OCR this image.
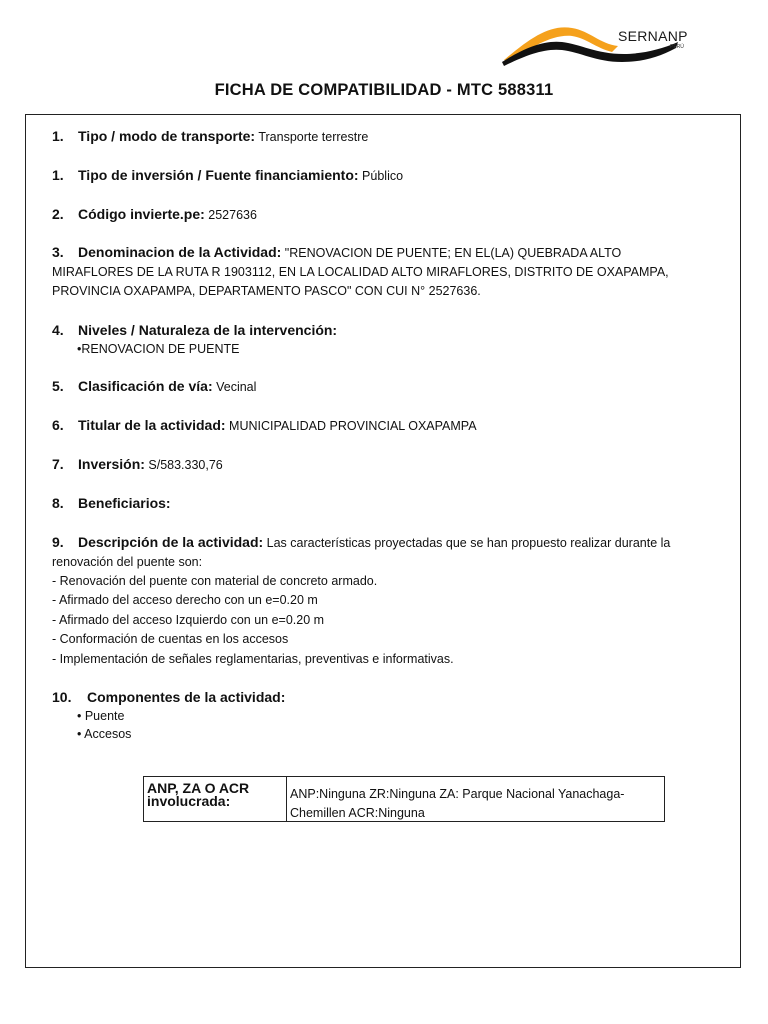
SERNANP
PERÚ
FICHA DE COMPATIBILIDAD - MTC 588311
1. Tipo / modo de transporte: Transporte terrestre
1. Tipo de inversión / Fuente financiamiento: Público
2. Código invierte.pe: 2527636
3. Denominacion de la Actividad: "RENOVACION DE PUENTE; EN EL(LA) QUEBRADA ALTO

MIRAFLORES DE LA RUTA R 1903112, EN LA LOCALIDAD ALTO MIRAFLORES, DISTRITO DE OXAPAMPA,

PROVINCIA OXAPAMPA, DEPARTAMENTO PASCO" CON CUI N° 2527636.

4. Niveles / Naturaleza de la intervención:

•RENOVACION DE PUENTE

5. Clasificación de vía: Vecinal
6. Titular de la actividad: MUNICIPALIDAD PROVINCIAL OXAPAMPA
7. Inversión: S/583.330,76
8. Beneficiarios:
9. Descripción de la actividad: Las características proyectadas que se han propuesto realizar durante la

renovación del puente son:

- Renovación del puente con material de concreto armado.

- Afirmado del acceso derecho con un e=0.20 m

- Afirmado del acceso Izquierdo con un e=0.20 m

- Conformación de cuentas en los accesos

- Implementación de señales reglamentarias, preventivas e informativas.

10. Componentes de la actividad:
• Puente
• Accesos
ANP, ZA O ACR involucrada:	ANP:Ninguna ZR:Ninguna ZA: Parque Nacional Yanachaga-Chemillen ACR:Ninguna
